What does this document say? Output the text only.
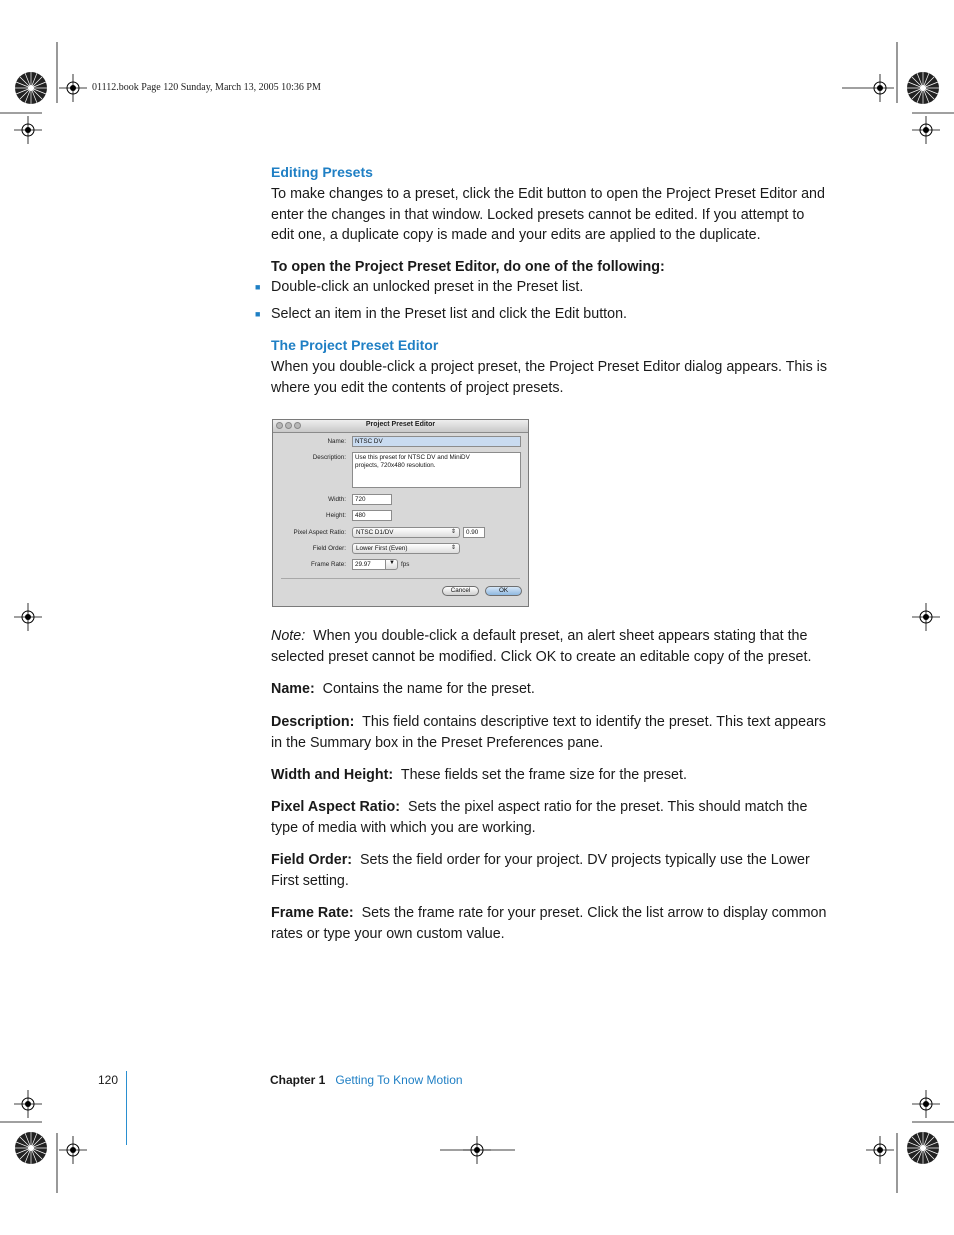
01112.book Page 120 Sunday, March 13, 2005 10:36 PM
Editing Presets
To make changes to a preset, click the Edit button to open the Project Preset Editor and
enter the changes in that window. Locked presets cannot be edited. If you attempt to
edit one, a duplicate copy is made and your edits are applied to the duplicate.
To open the Project Preset Editor, do one of the following:
■ Double-click an unlocked preset in the Preset list.
■ Select an item in the Preset list and click the Edit button.
The Project Preset Editor
When you double-click a project preset, the Project Preset Editor dialog appears. This is
where you edit the contents of project presets.
Project Preset Editor
Name:	NTSC DV
Description: Use this preset for NTSC DV and MiniDV
projects, 720x480 resolution.
Width:	720
Height:	480
Pixel Aspect Ratio:	NTSC D1/DV	⇕	0.90
Field Order:	Lower First (Even)	⇕
Frame Rate:	29.97	▼ fps
Cancel	OK
Note: When you double-click a default preset, an alert sheet appears stating that the
selected preset cannot be modified. Click OK to create an editable copy of the preset.
Name: Contains the name for the preset.
Description: This field contains descriptive text to identify the preset. This text appears
in the Summary box in the Preset Preferences pane.
Width and Height: These fields set the frame size for the preset.
Pixel Aspect Ratio: Sets the pixel aspect ratio for the preset. This should match the
type of media with which you are working.
Field Order: Sets the field order for your project. DV projects typically use the Lower
First setting.
Frame Rate: Sets the frame rate for your preset. Click the list arrow to display common
rates or type your own custom value.
120	Chapter 1 Getting To Know Motion
